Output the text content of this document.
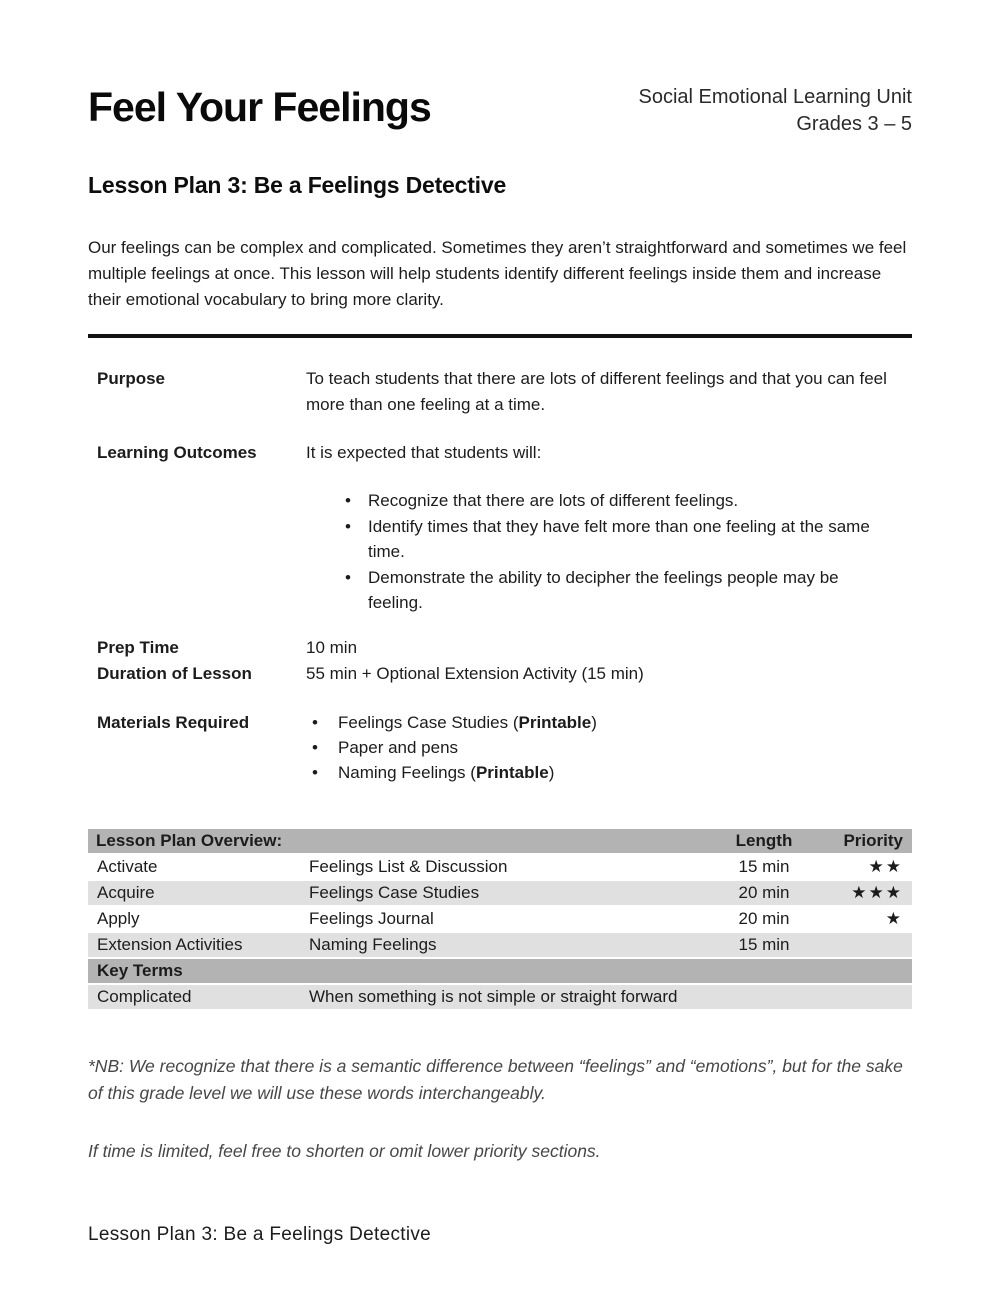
Feel Your Feelings	Social Emotional Learning Unit
Grades 3 – 5
Lesson Plan 3: Be a Feelings Detective

Our feelings can be complex and complicated. Sometimes they aren’t straightforward and sometimes we feel multiple feelings at once. This lesson will help students identify different feelings inside them and increase their emotional vocabulary to bring more clarity.

Purpose	To teach students that there are lots of different feelings and that you can feel more than one feeling at a time.
Learning Outcomes	It is expected that students will:
• Recognize that there are lots of different feelings.
• Identify times that they have felt more than one feeling at the same time.
• Demonstrate the ability to decipher the feelings people may be feeling.
Prep Time	10 min
Duration of Lesson	55 min + Optional Extension Activity (15 min)
Materials Required	• Feelings Case Studies (Printable)
• Paper and pens
• Naming Feelings (Printable)
Lesson Plan Overview:		Length	Priority
Activate	Feelings List & Discussion	15 min	★★
Acquire	Feelings Case Studies	20 min	★★★
Apply	Feelings Journal	20 min	★
Extension Activities	Naming Feelings	15 min	
Key Terms			
Complicated	When something is not simple or straight forward		

*NB: We recognize that there is a semantic difference between “feelings” and “emotions”, but for the sake of this grade level we will use these words interchangeably.

If time is limited, feel free to shorten or omit lower priority sections.

Lesson Plan 3: Be a Feelings Detective
